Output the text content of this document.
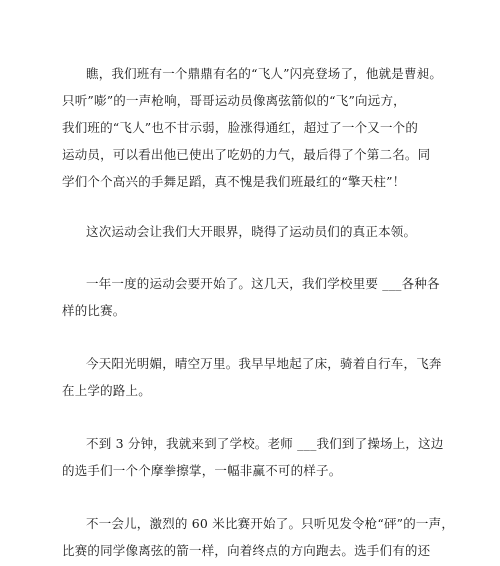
瞧，我们班有一个鼎鼎有名的“飞人”闪亮登场了，他就是曹昶。
只听”嘭”的一声枪响，哥哥运动员像离弦箭似的“飞”向远方，
我们班的“飞人”也不甘示弱，脸涨得通红，超过了一个又一个的
运动员，可以看出他已使出了吃奶的力气，最后得了个第二名。同
学们个个高兴的手舞足蹈，真不愧是我们班最红的“擎天柱”！
这次运动会让我们大开眼界，晓得了运动员们的真正本领。
一年一度的运动会要开始了。这几天，我们学校里要 ___各种各
样的比赛。
今天阳光明媚，晴空万里。我早早地起了床，骑着自行车，飞奔
在上学的路上。
不到 3 分钟，我就来到了学校。老师 ___我们到了操场上，这边
的选手们一个个摩拳擦掌，一幅非赢不可的样子。
不一会儿，激烈的 60 米比赛开始了。只听见发令枪“砰”的一声，
比赛的同学像离弦的箭一样，向着终点的方向跑去。选手们有的还
